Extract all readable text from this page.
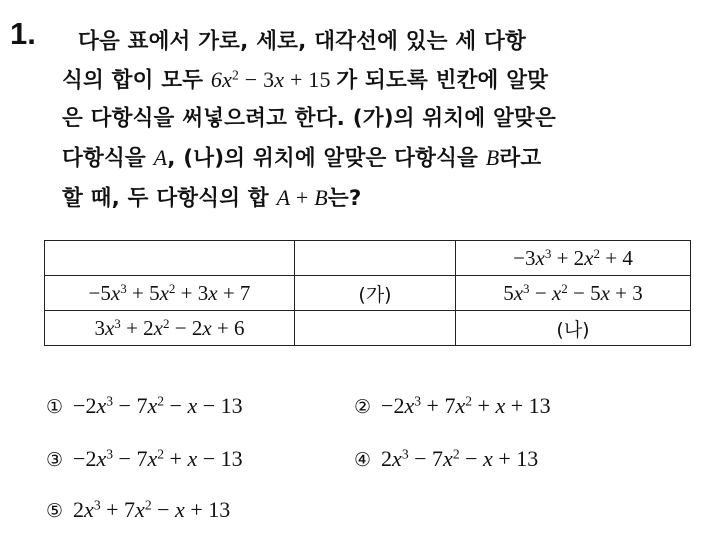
1. 다음 표에서 가로, 세로, 대각선에 있는 세 다항
식의 합이 모두 $6x^2 - 3x + 15$ 가 되도록 빈칸에 알맞
은 다항식을 써넣으려고 한다. (가)의 위치에 알맞은
다항식을 A, (나)의 위치에 알맞은 다항식을 B라고
할 때, 두 다항식의 합 A + B는?
		$-3x^3 + 2x^2 + 4$
$-5x^3 + 5x^2 + 3x + 7$	(가)	$5x^3 - x^2 - 5x + 3$
$3x^3 + 2x^2 - 2x + 6$		(나)
① $-2x^3 - 7x^2 - x - 13$	② $-2x^3 + 7x^2 + x + 13$
③ $-2x^3 - 7x^2 + x - 13$	④ $2x^3 - 7x^2 - x + 13$
⑤ $2x^3 + 7x^2 - x + 13$
